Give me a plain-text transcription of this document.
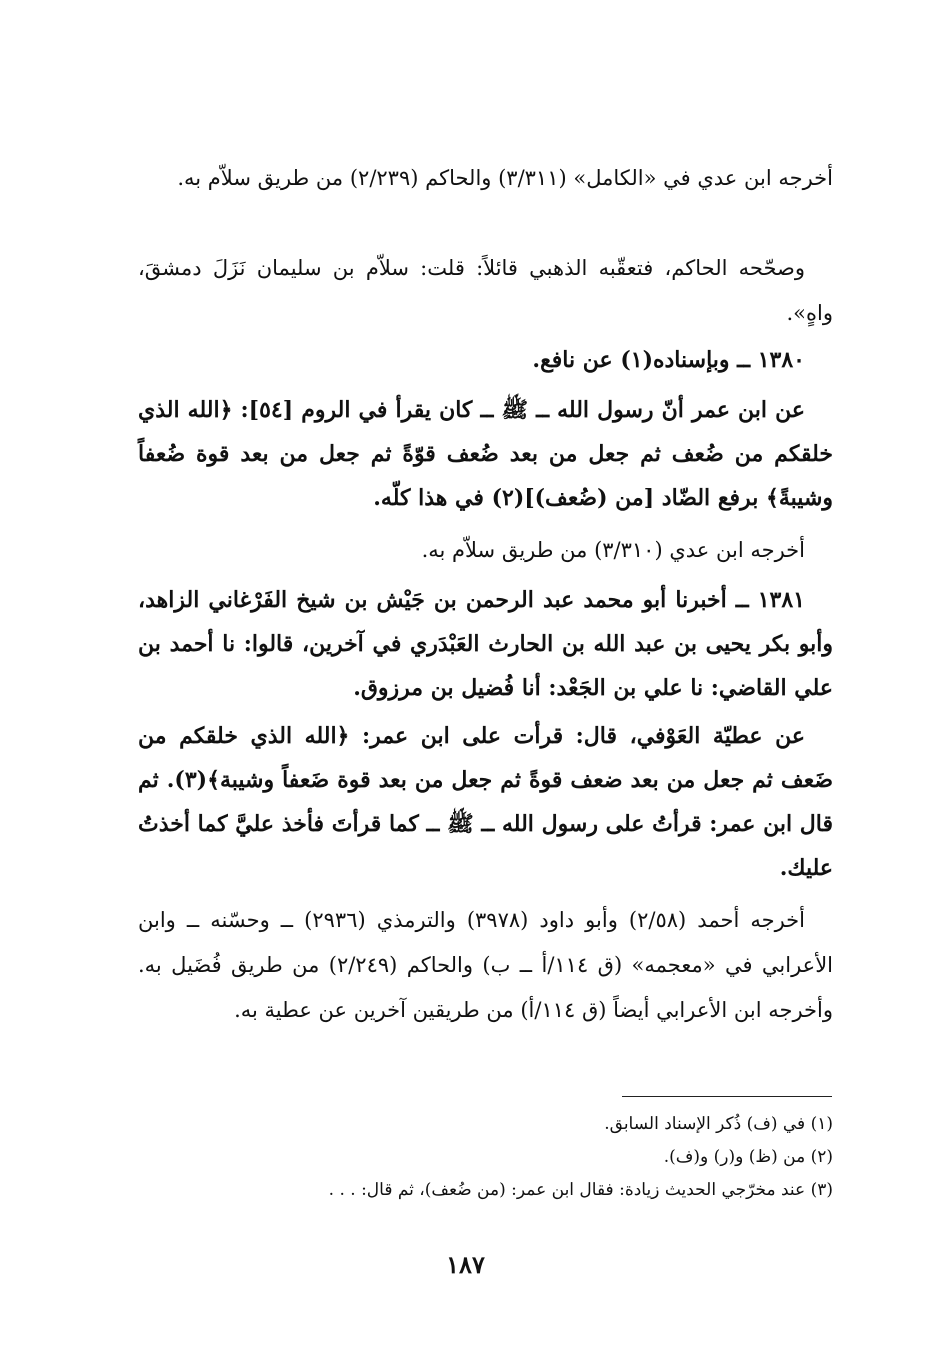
أخرجه ابن عدي في «الكامل» (٣/٣١١) والحاكم (٢/٢٣٩) من طريق سلاّم به.

وصحّحه الحاكم، فتعقّبه الذهبي قائلاً: قلت: سلاّم بن سليمان نَزَلَ دمشقَ، واهٍ».

١٣٨٠ ــ وبإسناده(١) عن نافع.

عن ابن عمر أنّ رسول الله ــ ﷺ ــ كان يقرأ في الروم [٥٤]: ﴿الله الذي خلقكم من ضُعف ثم جعل من بعد ضُعف قوّةً ثم جعل من بعد قوة ضُعفاً وشيبةً﴾ برفع الضّاد [من (ضُعف)](٢) في هذا كلّه.

أخرجه ابن عدي (٣/٣١٠) من طريق سلاّم به.

١٣٨١ ــ أخبرنا أبو محمد عبد الرحمن بن جَيْش بن شيخ الفَرْغاني الزاهد، وأبو بكر يحيى بن عبد الله بن الحارث العَبْدَري في آخرين، قالوا: نا أحمد بن علي القاضي: نا علي بن الجَعْد: أنا فُضيل بن مرزوق.

عن عطيّة العَوْفي، قال: قرأت على ابن عمر: ﴿الله الذي خلقكم من ضَعف ثم جعل من بعد ضعف قوةً ثم جعل من بعد قوة ضَعفاً وشيبة﴾(٣). ثم قال ابن عمر: قرأتُ على رسول الله ــ ﷺ ــ كما قرأتَ فأخذ عليَّ كما أخذتُ عليك.

أخرجه أحمد (٢/٥٨) وأبو داود (٣٩٧٨) والترمذي (٢٩٣٦) ــ وحسّنه ــ وابن الأعرابي في «معجمه» (ق ١١٤/أ ــ ب) والحاكم (٢/٢٤٩) من طريق فُضَيل به. وأخرجه ابن الأعرابي أيضاً (ق ١١٤/أ) من طريقين آخرين عن عطية به.

(١) في (ف) ذُكر الإسناد السابق.
(٢) من (ظ) و(ر) و(ف).
(٣) عند مخرّجي الحديث زيادة: فقال ابن عمر: (من ضُعف)، ثم قال: . . .
١٨٧
